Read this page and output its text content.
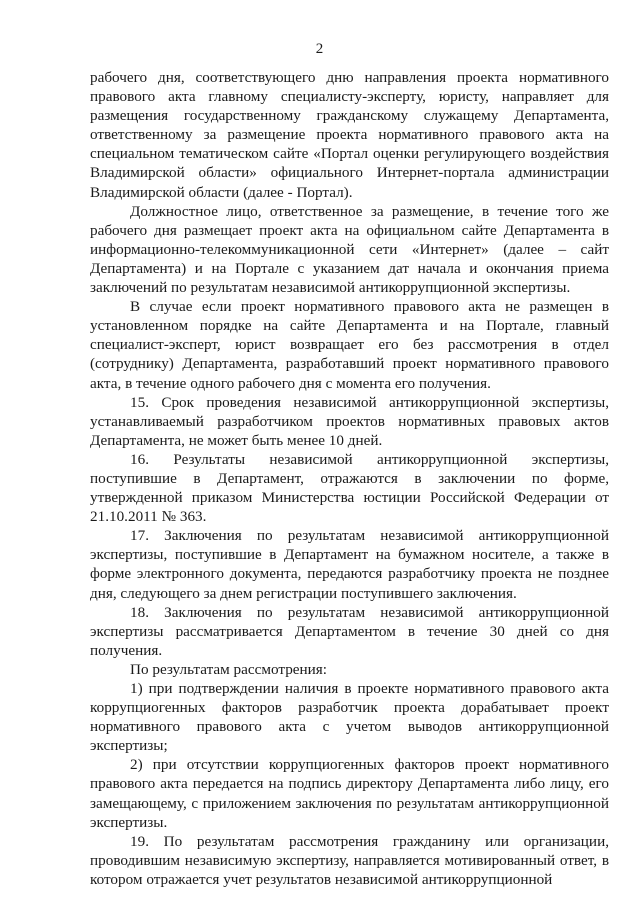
2

рабочего дня, соответствующего дню направления проекта нормативного правового акта главному специалисту-эксперту, юристу, направляет для размещения государственному гражданскому служащему Департамента, ответственному за размещение проекта нормативного правового акта на специальном тематическом сайте «Портал оценки регулирующего воздействия Владимирской области» официального Интернет-портала администрации Владимирской области (далее - Портал).

Должностное лицо, ответственное за размещение, в течение того же рабочего дня размещает проект акта на официальном сайте Департамента в информационно-телекоммуникационной сети «Интернет» (далее – сайт Департамента) и на Портале с указанием дат начала и окончания приема заключений по результатам независимой антикоррупционной экспертизы.

В случае если проект нормативного правового акта не размещен в установленном порядке на сайте Департамента и на Портале, главный специалист-эксперт, юрист возвращает его без рассмотрения в отдел (сотруднику) Департамента, разработавший проект нормативного правового акта, в течение одного рабочего дня с момента его получения.

15. Срок проведения независимой антикоррупционной экспертизы, устанавливаемый разработчиком проектов нормативных правовых актов Департамента, не может быть менее 10 дней.

16. Результаты независимой антикоррупционной экспертизы, поступившие в Департамент, отражаются в заключении по форме, утвержденной приказом Министерства юстиции Российской Федерации от 21.10.2011 № 363.

17. Заключения по результатам независимой антикоррупционной экспертизы, поступившие в Департамент на бумажном носителе, а также в форме электронного документа, передаются разработчику проекта не позднее дня, следующего за днем регистрации поступившего заключения.

18. Заключения по результатам независимой антикоррупционной экспертизы рассматривается Департаментом в течение 30 дней со дня получения.

По результатам рассмотрения:

1) при подтверждении наличия в проекте нормативного правового акта коррупциогенных факторов разработчик проекта дорабатывает проект нормативного правового акта с учетом выводов антикоррупционной экспертизы;

2) при отсутствии коррупциогенных факторов проект нормативного правового акта передается на подпись директору Департамента либо лицу, его замещающему, с приложением заключения по результатам антикоррупционной экспертизы.

19. По результатам рассмотрения гражданину или организации, проводившим независимую экспертизу, направляется мотивированный ответ, в котором отражается учет результатов независимой антикоррупционной
